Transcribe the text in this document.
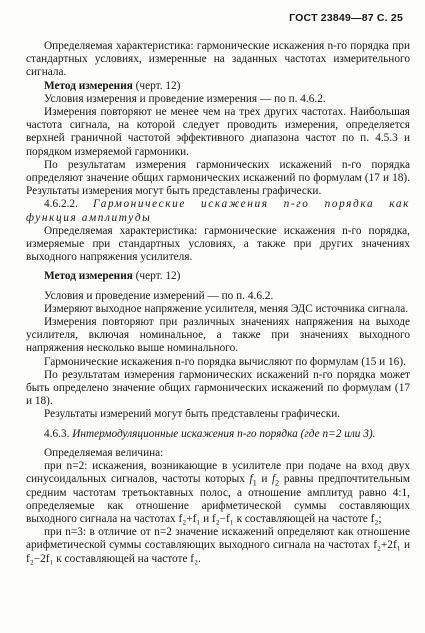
ГОСТ 23849—87 С. 25

Определяемая характеристика: гармонические искажения n-го порядка при стандартных условиях, измеренные на заданных частотах измерительного сигнала.

Метод измерения (черт. 12)

Условия измерения и проведение измерения — по п. 4.6.2.

Измерения повторяют не менее чем на трех других частотах. Наибольшая частота сигнала, на которой следует проводить измерения, определяется верхней граничной частотой эффективного диапазона частот по п. 4.5.3 и порядком измеряемой гармоники.

По результатам измерения гармонических искажений n-го порядка определяют значение общих гармонических искажений по формулам (17 и 18). Результаты измерения могут быть представлены графически.

4.6.2.2. Гармонические искажения n-го порядка как функция амплитуды

Определяемая характеристика: гармонические искажения n-го порядка, измеряемые при стандартных условиях, а также при других значениях выходного напряжения усилителя.

Метод измерения (черт. 12)

Условия и проведение измерений — по п. 4.6.2.

Измеряют выходное напряжение усилителя, меняя ЭДС источника сигнала.

Измерения повторяют при различных значениях напряжения на выходе усилителя, включая номинальное, а также при значениях выходного напряжения несколько выше номинального.

Гармонические искажения n-го порядка вычисляют по формулам (15 и 16).

По результатам измерения гармонических искажений n-го порядка может быть определено значение общих гармонических искажений по формулам (17 и 18).

Результаты измерений могут быть представлены графически.

4.6.3. Интермодуляционные искажения n-го порядка (где n=2 или 3).

Определяемая величина:

при n=2: искажения, возникающие в усилителе при подаче на вход двух синусоидальных сигналов, частоты которых $f_1$ и $f_2$ равны предпочтительным средним частотам третьоктавных полос, а отношение амплитуд равно 4:1, определяемые как отношение арифметической суммы составляющих выходного сигнала на частотах f₂+f₁ и f₂−f₁ к составляющей на частоте f₂;

при n=3: в отличие от n=2 значение искажений определяют как отношение арифметической суммы составляющих выходного сигнала на частотах f₂+2f₁ и f₂−2f₁ к составляющей на частоте f₂.
